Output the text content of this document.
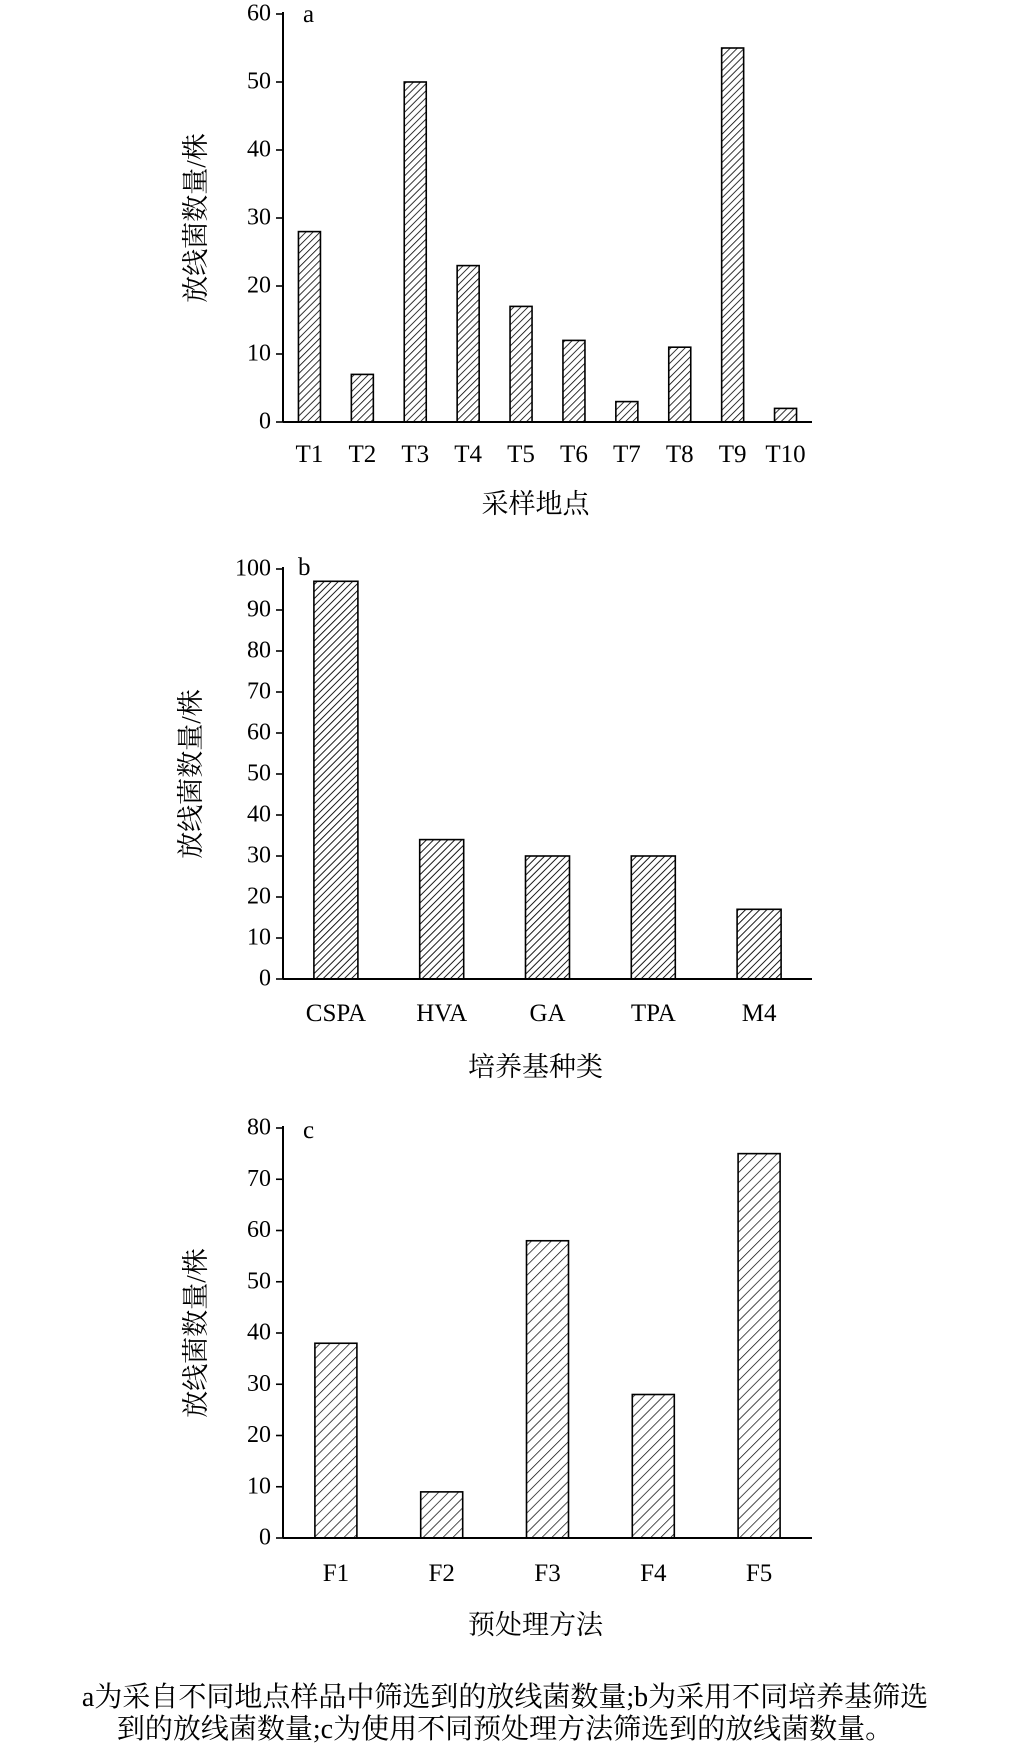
T1 T2 T3 T4 T5 T6 T7 T8 T9 T10
0
10
20
30
40
50
60
采样地点
放线菌数量/株
a
CSPA HVA GA	TPA	M4
0
10
20
30
40
50
60
70
80
90
100
培养基种类
放线菌数量/株
b
F1	F2	F3	F4	F5
0
10
20
30
40
50
60
70
80
预处理方法
放线菌数量/株
c
a为采自不同地点样品中筛选到的放线菌数量;b为采用不同培养基筛选
到的放线菌数量;c为使用不同预处理方法筛选到的放线菌数量。
